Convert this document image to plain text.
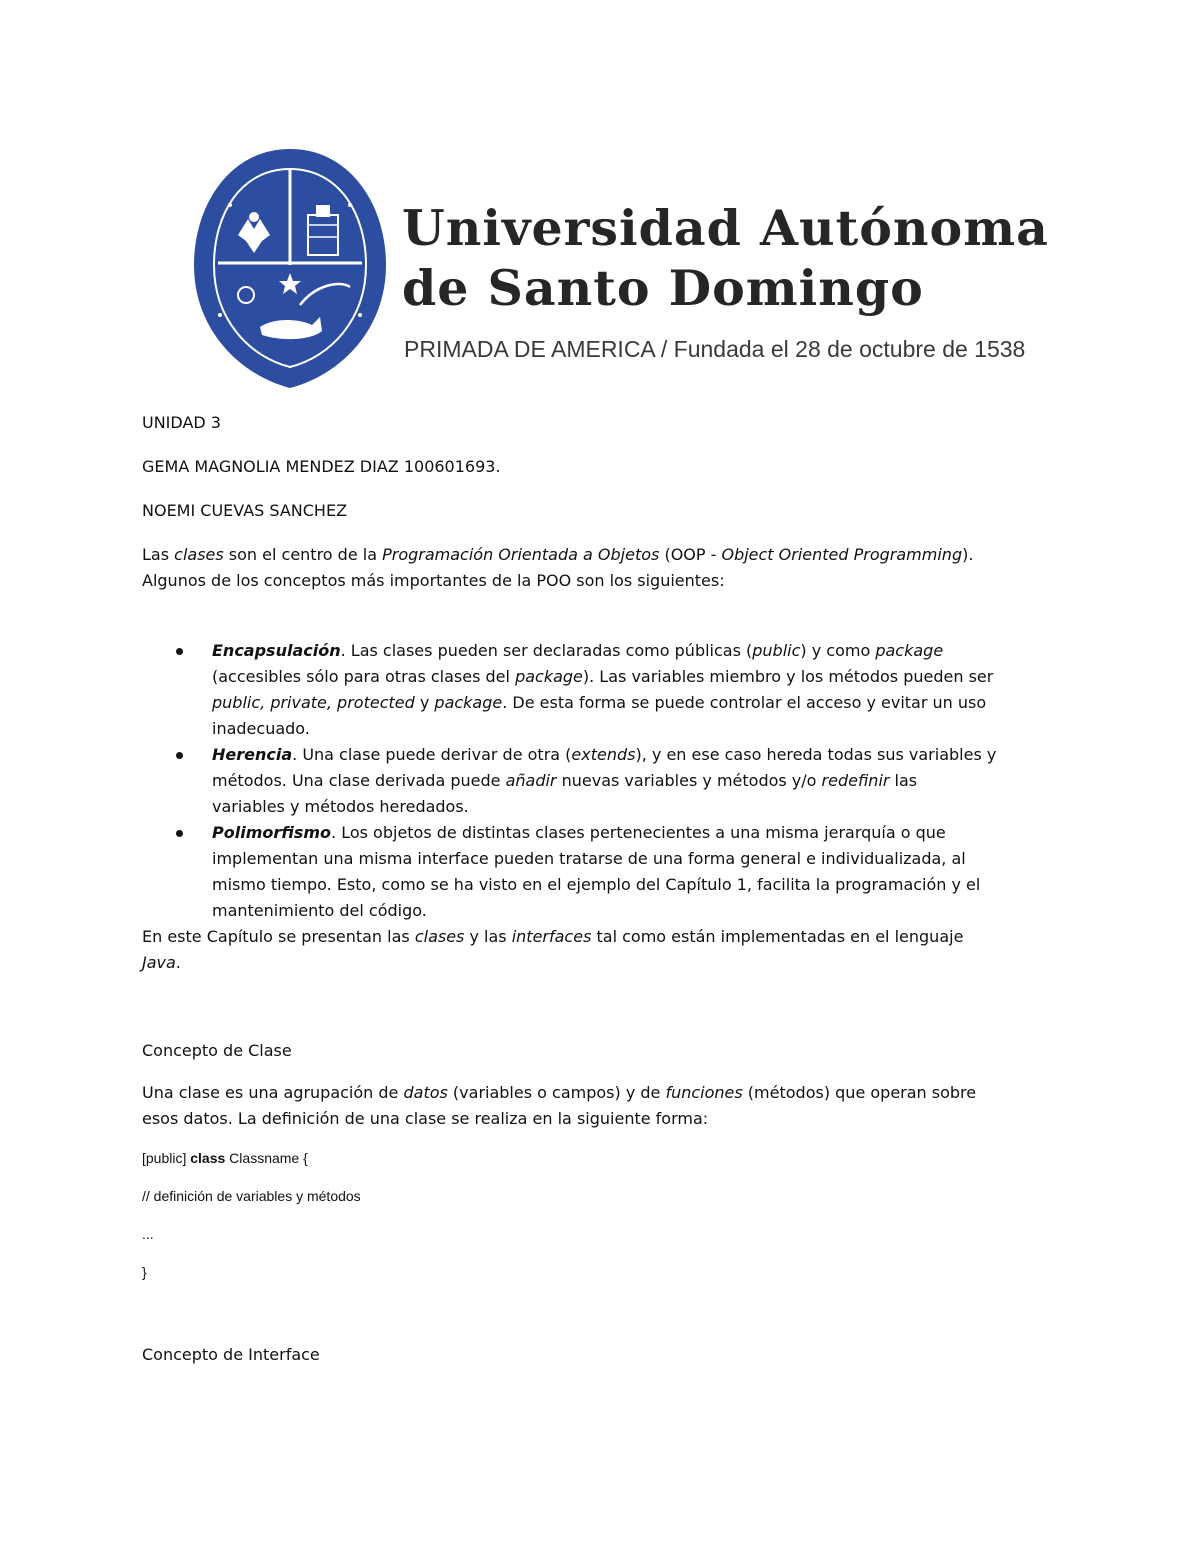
Universidad Autónoma
de Santo Domingo
PRIMADA DE AMERICA / Fundada el 28 de octubre de 1538

UNIDAD 3

GEMA MAGNOLIA MENDEZ DIAZ 100601693.

NOEMI CUEVAS SANCHEZ

Las clases son el centro de la Programación Orientada a Objetos (OOP - Object Oriented Programming).

Algunos de los conceptos más importantes de la POO son los siguientes:

Encapsulación. Las clases pueden ser declaradas como públicas (public) y como package

(accesibles sólo para otras clases del package). Las variables miembro y los métodos pueden ser

public, private, protected y package. De esta forma se puede controlar el acceso y evitar un uso

inadecuado.

Herencia. Una clase puede derivar de otra (extends), y en ese caso hereda todas sus variables y

métodos. Una clase derivada puede añadir nuevas variables y métodos y/o redefinir las

variables y métodos heredados.

Polimorfismo. Los objetos de distintas clases pertenecientes a una misma jerarquía o que

implementan una misma interface pueden tratarse de una forma general e individualizada, al

mismo tiempo. Esto, como se ha visto en el ejemplo del Capítulo 1, facilita la programación y el

mantenimiento del código.

En este Capítulo se presentan las clases y las interfaces tal como están implementadas en el lenguaje

Java.

Concepto de Clase

Una clase es una agrupación de datos (variables o campos) y de funciones (métodos) que operan sobre

esos datos. La definición de una clase se realiza en la siguiente forma:

[public] class Classname {

// definición de variables y métodos

...

}

Concepto de Interface
